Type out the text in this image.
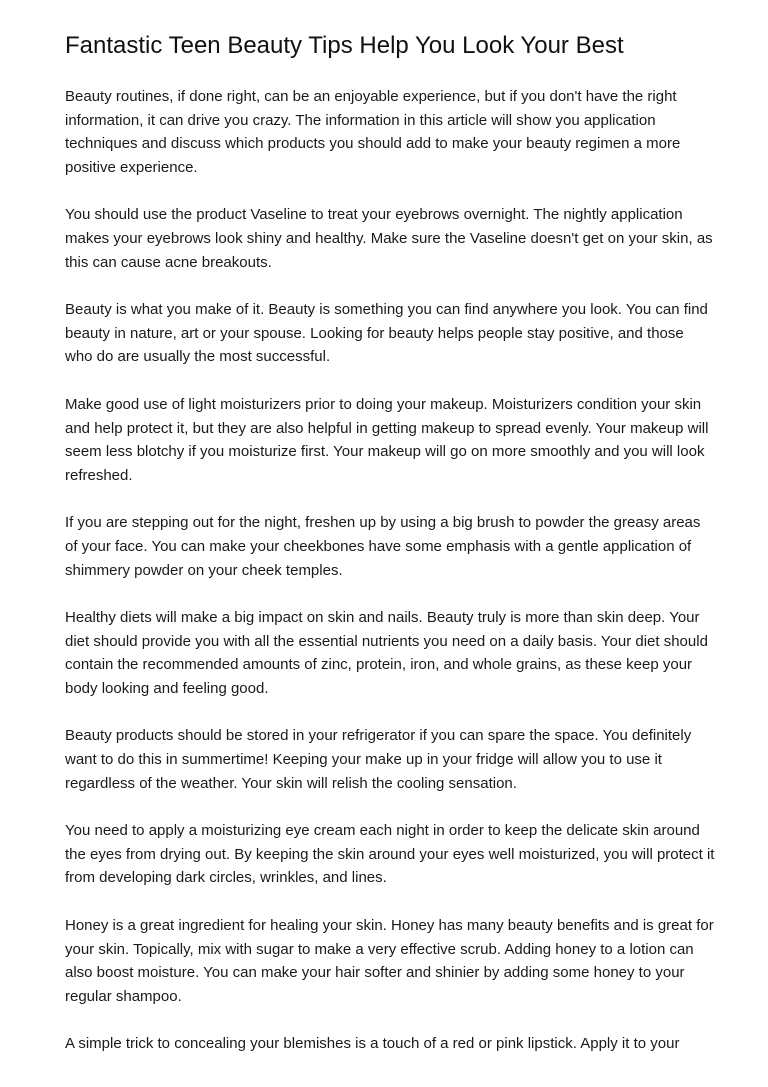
Fantastic Teen Beauty Tips Help You Look Your Best

Beauty routines, if done right, can be an enjoyable experience, but if you don't have the right information, it can drive you crazy. The information in this article will show you application techniques and discuss which products you should add to make your beauty regimen a more positive experience.

You should use the product Vaseline to treat your eyebrows overnight. The nightly application makes your eyebrows look shiny and healthy. Make sure the Vaseline doesn't get on your skin, as this can cause acne breakouts.

Beauty is what you make of it. Beauty is something you can find anywhere you look. You can find beauty in nature, art or your spouse. Looking for beauty helps people stay positive, and those who do are usually the most successful.

Make good use of light moisturizers prior to doing your makeup. Moisturizers condition your skin and help protect it, but they are also helpful in getting makeup to spread evenly. Your makeup will seem less blotchy if you moisturize first. Your makeup will go on more smoothly and you will look refreshed.

If you are stepping out for the night, freshen up by using a big brush to powder the greasy areas of your face. You can make your cheekbones have some emphasis with a gentle application of shimmery powder on your cheek temples.

Healthy diets will make a big impact on skin and nails. Beauty truly is more than skin deep. Your diet should provide you with all the essential nutrients you need on a daily basis. Your diet should contain the recommended amounts of zinc, protein, iron, and whole grains, as these keep your body looking and feeling good.

Beauty products should be stored in your refrigerator if you can spare the space. You definitely want to do this in summertime! Keeping your make up in your fridge will allow you to use it regardless of the weather. Your skin will relish the cooling sensation.

You need to apply a moisturizing eye cream each night in order to keep the delicate skin around the eyes from drying out. By keeping the skin around your eyes well moisturized, you will protect it from developing dark circles, wrinkles, and lines.

Honey is a great ingredient for healing your skin. Honey has many beauty benefits and is great for your skin. Topically, mix with sugar to make a very effective scrub. Adding honey to a lotion can also boost moisture. You can make your hair softer and shinier by adding some honey to your regular shampoo.

A simple trick to concealing your blemishes is a touch of a red or pink lipstick. Apply it to your
